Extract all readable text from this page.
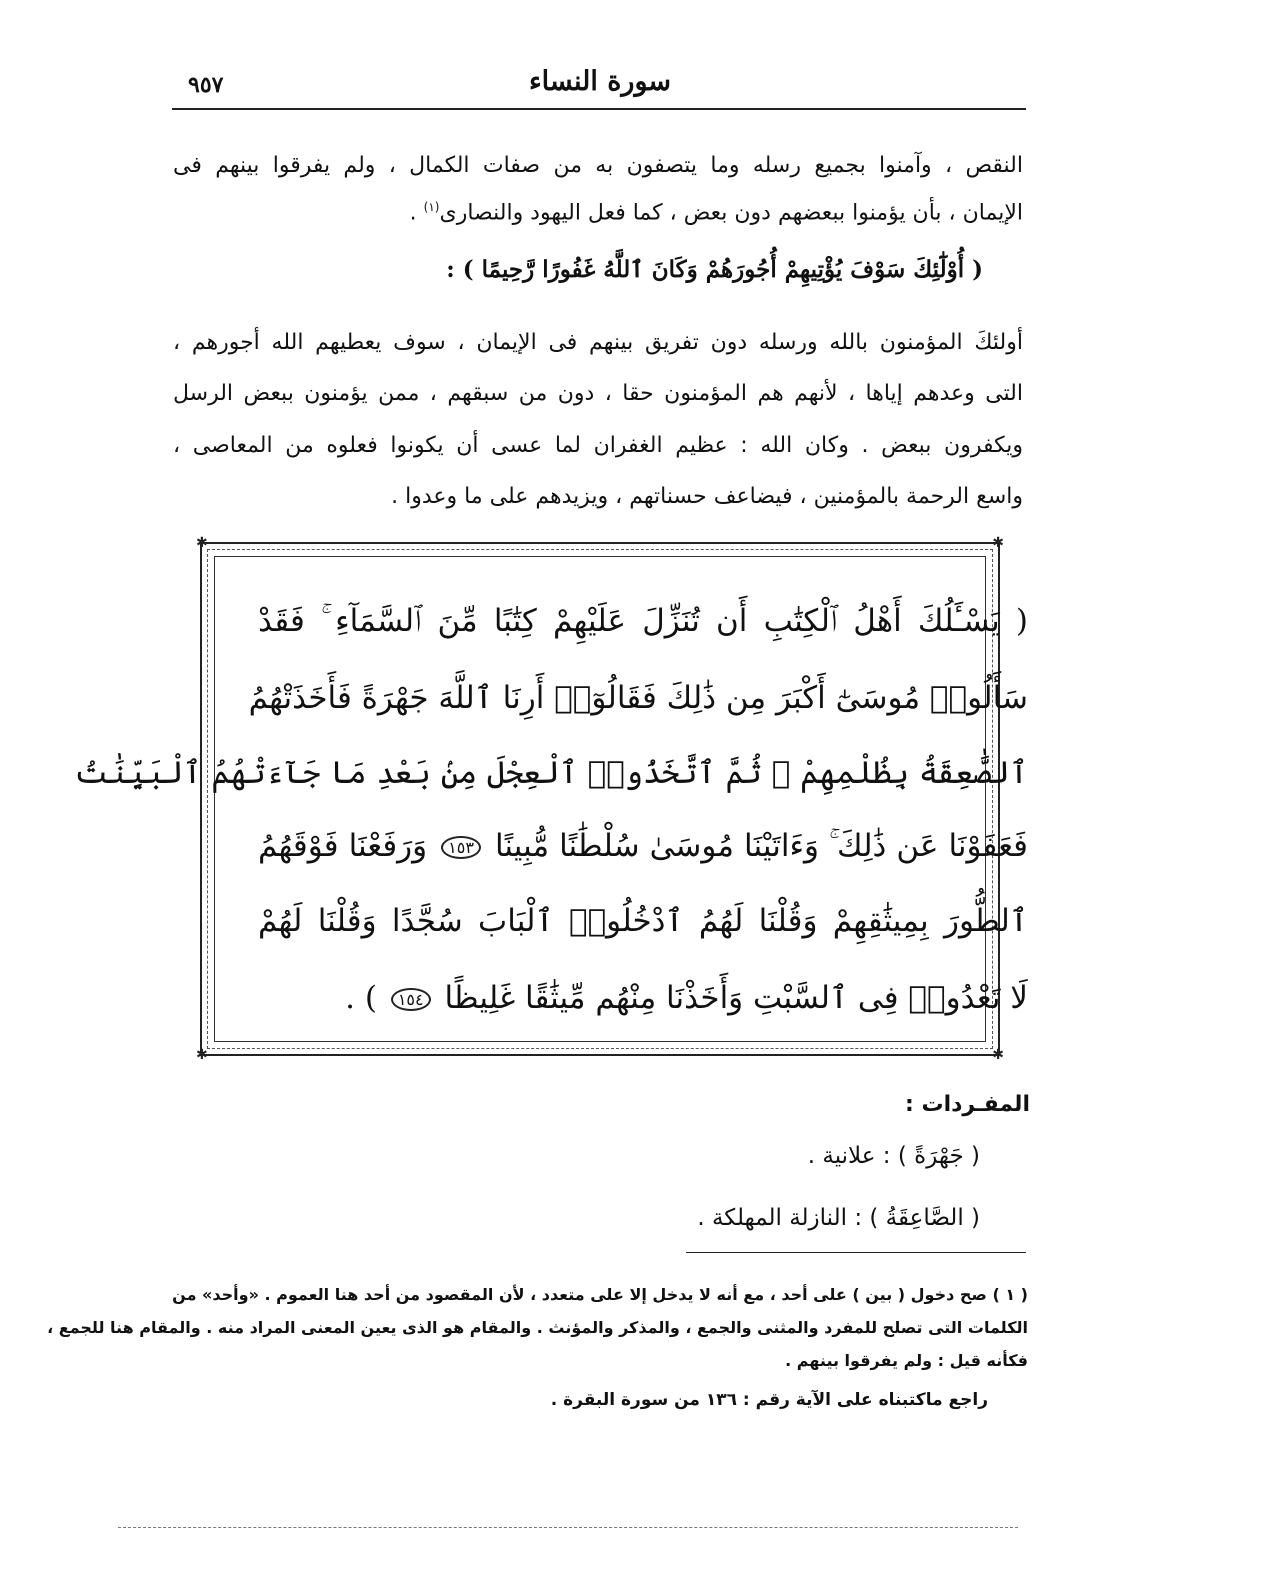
٩٥٧	سورة النساء
النقص ، وآمنوا بجميع رسله وما يتصفون به من صفات الكمال ، ولم يفرقوا بينهم فى
الإيمان ، بأن يؤمنوا ببعضهم دون بعض ، كما فعل اليهود والنصارى$^{(١)}$ .
( أُوْلَٰٓئِكَ سَوْفَ يُؤْتِيهِمْ أُجُورَهُمْ وَكَانَ ٱللَّهُ غَفُورًا رَّحِيمًا ) :
أولئكَ المؤمنون بالله ورسله دون تفريق بينهم فى الإيمان ، سوف يعطيهم الله أجورهم ،
التى وعدهم إياها ، لأنهم هم المؤمنون حقا ، دون من سبقهم ، ممن يؤمنون ببعض الرسل
ويكفرون ببعض . وكان الله : عظيم الغفران لما عسى أن يكونوا فعلوه من المعاصى ،
واسع الرحمة بالمؤمنين ، فيضاعف حسناتهم ، ويزيدهم على ما وعدوا .
✱	✱
✱	✱
( يَسْـَٔلُكَ أَهْلُ ٱلْكِتَٰبِ أَن تُنَزِّلَ عَلَيْهِمْ كِتَٰبًا مِّنَ ٱلسَّمَآءِ ۚ فَقَدْ
سَأَلُوا۟ مُوسَىٰٓ أَكْبَرَ مِن ذَٰلِكَ فَقَالُوٓا۟ أَرِنَا ٱللَّهَ جَهْرَةً فَأَخَذَتْهُمُ
ٱلصَّٰعِقَةُ بِظُلْمِهِمْ ۚ ثُمَّ ٱتَّخَذُوا۟ ٱلْعِجْلَ مِنۢ بَعْدِ مَا جَآءَتْهُمُ ٱلْبَيِّنَٰتُ
فَعَفَوْنَا عَن ذَٰلِكَ ۚ وَءَاتَيْنَا مُوسَىٰ سُلْطَٰنًا مُّبِينًا ١٥٣ وَرَفَعْنَا فَوْقَهُمُ
ٱلطُّورَ بِمِيثَٰقِهِمْ وَقُلْنَا لَهُمُ ٱدْخُلُوا۟ ٱلْبَابَ سُجَّدًا وَقُلْنَا لَهُمْ
لَا تَعْدُوا۟ فِى ٱلسَّبْتِ وَأَخَذْنَا مِنْهُم مِّيثَٰقًا غَلِيظًا ١٥٤ ) .
المفـردات :
( جَهْرَةً ) : علانية .
( الصَّاعِقَةُ ) : النازلة المهلكة .
( ١ ) صح دخول ( بين ) على أحد ، مع أنه لا يدخل إلا على متعدد ، لأن المقصود من أحد هنا العموم . «وأحد» من
الكلمات التى تصلح للمفرد والمثنى والجمع ، والمذكر والمؤنث . والمقام هو الذى يعين المعنى المراد منه . والمقام هنا للجمع ،
فكأنه قيل : ولم يفرقوا بينهم .
راجع ماكتبناه على الآية رقم : ١٣٦ من سورة البقرة .
